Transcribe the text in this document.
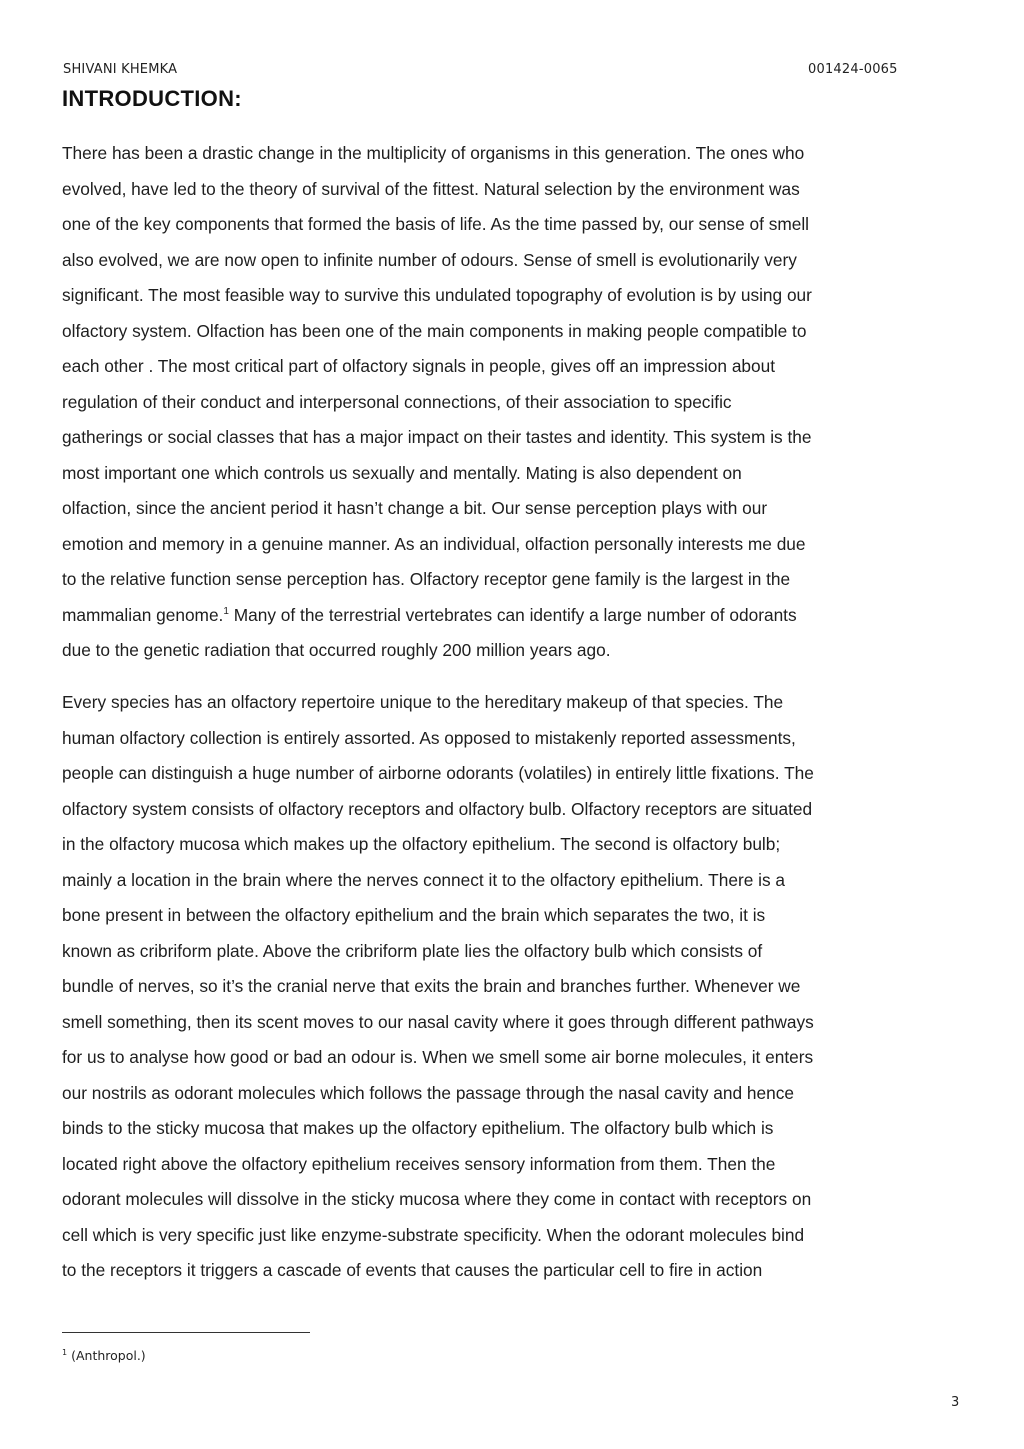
SHIVANI KHEMKA	001424-0065
INTRODUCTION:

There has been a drastic change in the multiplicity of organisms in this generation. The ones who
evolved, have led to the theory of survival of the fittest. Natural selection by the environment was
one of the key components that formed the basis of life. As the time passed by, our sense of smell
also evolved, we are now open to infinite number of odours. Sense of smell is evolutionarily very
significant. The most feasible way to survive this undulated topography of evolution is by using our
olfactory system. Olfaction has been one of the main components in making people compatible to
each other . The most critical part of olfactory signals in people, gives off an impression about
regulation of their conduct and interpersonal connections, of their association to specific
gatherings or social classes that has a major impact on their tastes and identity. This system is the
most important one which controls us sexually and mentally. Mating is also dependent on
olfaction, since the ancient period it hasn’t change a bit. Our sense perception plays with our
emotion and memory in a genuine manner. As an individual, olfaction personally interests me due
to the relative function sense perception has. Olfactory receptor gene family is the largest in the
mammalian genome.$^1$ Many of the terrestrial vertebrates can identify a large number of odorants
due to the genetic radiation that occurred roughly 200 million years ago.

Every species has an olfactory repertoire unique to the hereditary makeup of that species. The
human olfactory collection is entirely assorted. As opposed to mistakenly reported assessments,
people can distinguish a huge number of airborne odorants (volatiles) in entirely little fixations. The
olfactory system consists of olfactory receptors and olfactory bulb. Olfactory receptors are situated
in the olfactory mucosa which makes up the olfactory epithelium. The second is olfactory bulb;
mainly a location in the brain where the nerves connect it to the olfactory epithelium. There is a
bone present in between the olfactory epithelium and the brain which separates the two, it is
known as cribriform plate. Above the cribriform plate lies the olfactory bulb which consists of
bundle of nerves, so it’s the cranial nerve that exits the brain and branches further. Whenever we
smell something, then its scent moves to our nasal cavity where it goes through different pathways
for us to analyse how good or bad an odour is. When we smell some air borne molecules, it enters
our nostrils as odorant molecules which follows the passage through the nasal cavity and hence
binds to the sticky mucosa that makes up the olfactory epithelium. The olfactory bulb which is
located right above the olfactory epithelium receives sensory information from them. Then the
odorant molecules will dissolve in the sticky mucosa where they come in contact with receptors on
cell which is very specific just like enzyme-substrate specificity. When the odorant molecules bind
to the receptors it triggers a cascade of events that causes the particular cell to fire in action

$^1$ (Anthropol.)
3
